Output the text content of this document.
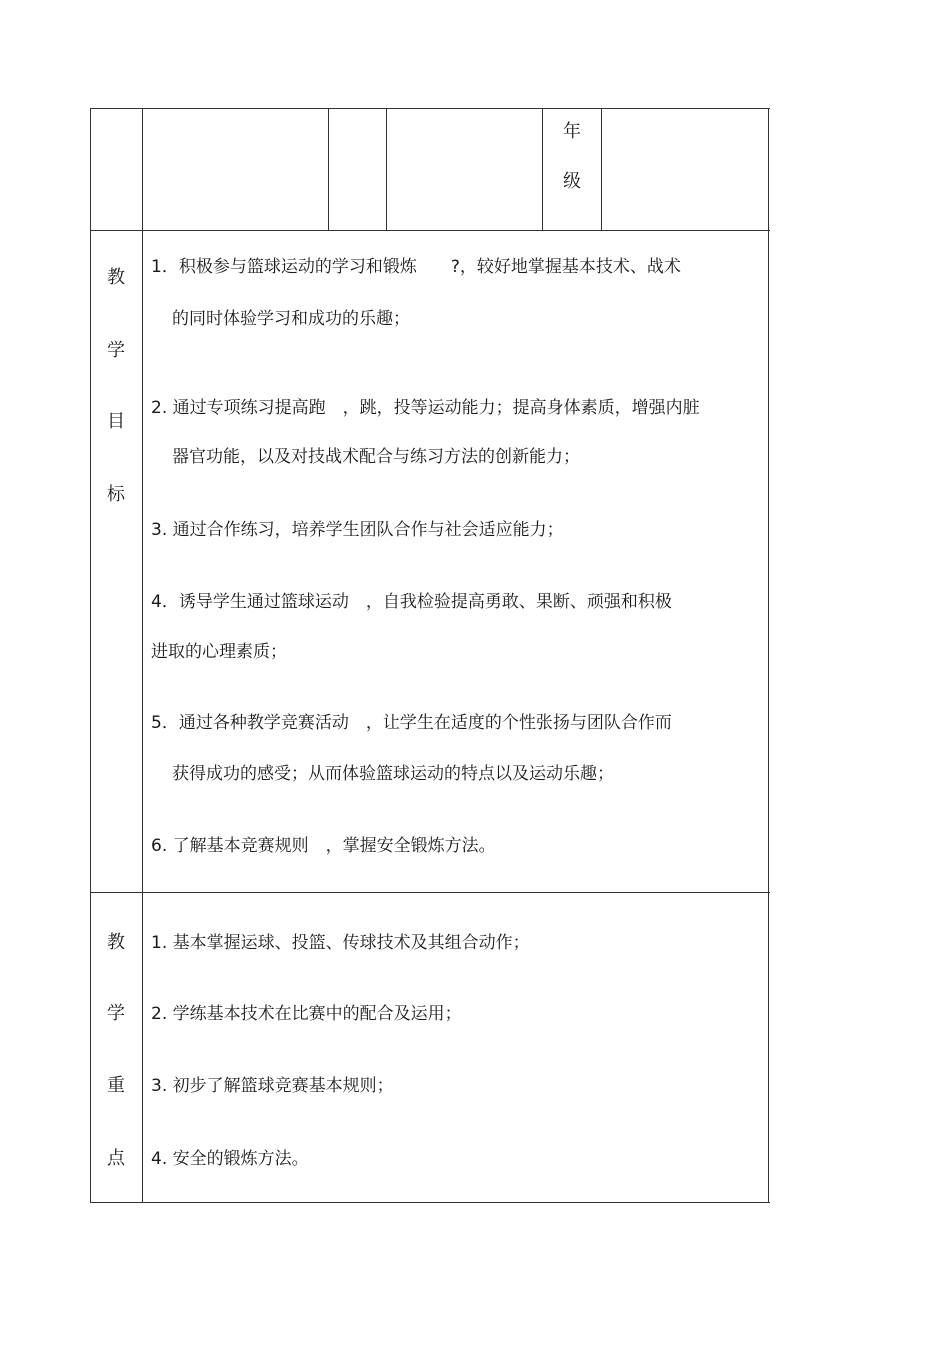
年
级
教
学
目
标
1．积极参与篮球运动的学习和锻炼　　?，较好地掌握基本技术、战术
的同时体验学习和成功的乐趣；
2. 通过专项练习提高跑　，跳，投等运动能力；提高身体素质，增强内脏
器官功能，以及对技战术配合与练习方法的创新能力；
3. 通过合作练习，培养学生团队合作与社会适应能力；
4．诱导学生通过篮球运动　，自我检验提高勇敢、果断、顽强和积极
进取的心理素质；
5．通过各种教学竞赛活动　，让学生在适度的个性张扬与团队合作而
获得成功的感受；从而体验篮球运动的特点以及运动乐趣；
6. 了解基本竞赛规则　，掌握安全锻炼方法。
教
学
重
点
1. 基本掌握运球、投篮、传球技术及其组合动作；
2. 学练基本技术在比赛中的配合及运用；
3. 初步了解篮球竞赛基本规则；
4. 安全的锻炼方法。
